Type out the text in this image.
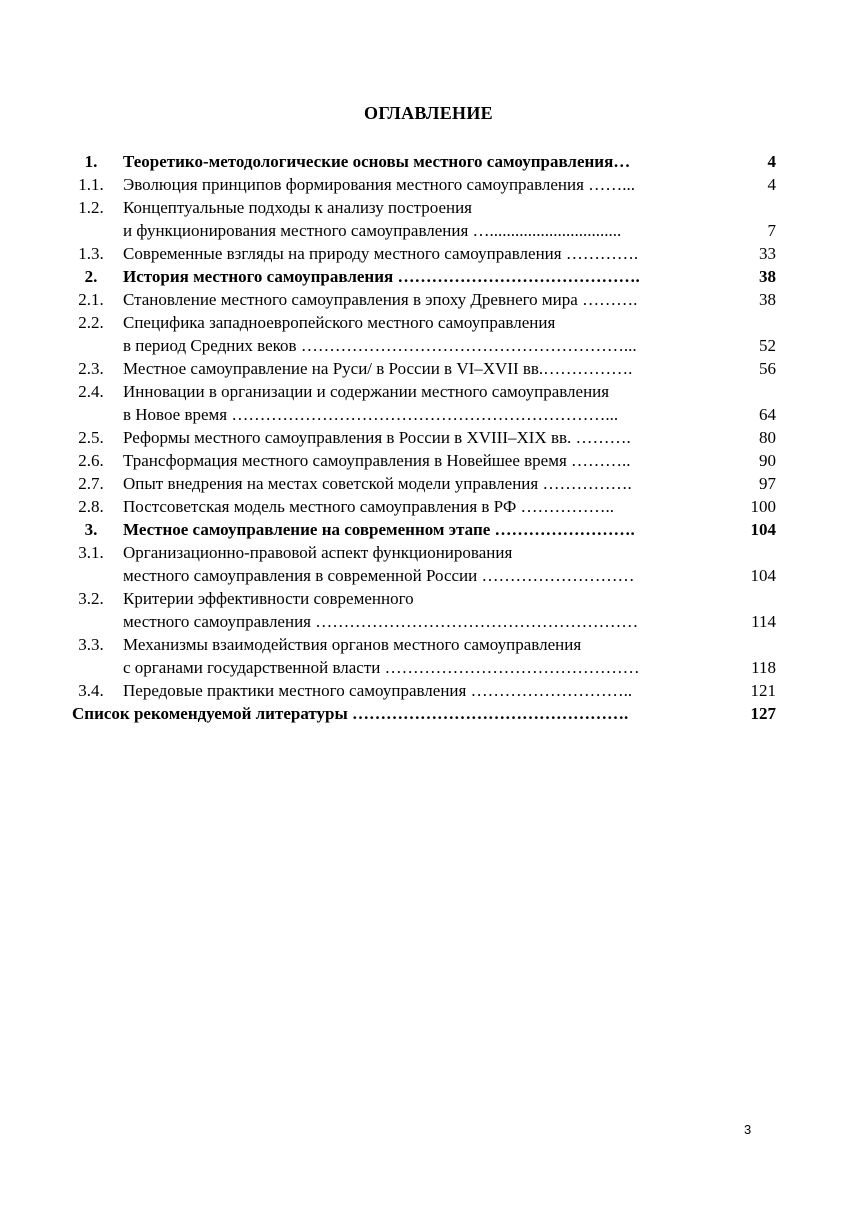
ОГЛАВЛЕНИЕ
1.	Теоретико-методологические основы местного самоуправления…	4
1.1.	Эволюция принципов формирования местного самоуправления ……...	4
1.2.	Концептуальные подходы к анализу построения
и функционирования местного самоуправления …...............................	7
1.3.	Современные взгляды на природу местного самоуправления ………….	33
2.	История местного самоуправления …………………………………….	38
2.1.	Становление местного самоуправления в эпоху Древнего мира ……….	38
2.2.	Специфика западноевропейского местного самоуправления
в период Средних веков …………………………………………………...	52
2.3.	Местное самоуправление на Руси/ в России в VI–XVII вв.…………….	56
2.4.	Инновации в организации и содержании местного самоуправления
в Новое время …………………………………………………………...	64
2.5.	Реформы местного самоуправления в России в XVIII–XIX вв. ……….	80
2.6.	Трансформация местного самоуправления в Новейшее время ………..	90
2.7.	Опыт внедрения на местах советской модели управления …………….	97
2.8.	Постсоветская модель местного самоуправления в РФ ……………..	100
3.	Местное самоуправление на современном этапе …………………….	104
3.1.	Организационно-правовой аспект функционирования
местного самоуправления в современной России ………………………	104
3.2.	Критерии эффективности современного
местного самоуправления …………………………………………………	114
3.3.	Механизмы взаимодействия органов местного самоуправления
с органами государственной власти ………………………………………	118
3.4.	Передовые практики местного самоуправления ………………………..	121
Список рекомендуемой литературы ………………………………………….	127
3
